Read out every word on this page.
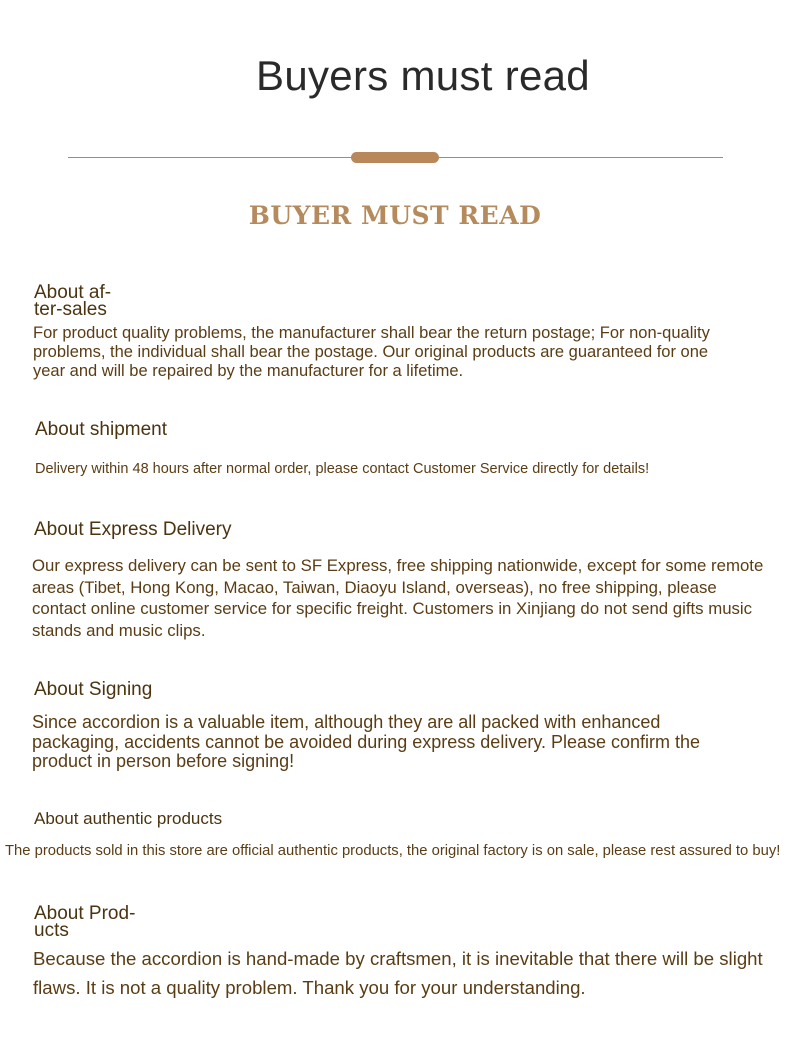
Buyers must read
BUYER MUST READ
About af-
ter-sales

For product quality problems, the manufacturer shall bear the return postage; For non-quality problems, the individual shall bear the postage. Our original products are guaranteed for one year and will be repaired by the manufacturer for a lifetime.

About shipment

Delivery within 48 hours after normal order, please contact Customer Service directly for details!

About Express Delivery

Our express delivery can be sent to SF Express, free shipping nationwide, except for some remote areas (Tibet, Hong Kong, Macao, Taiwan, Diaoyu Island, overseas), no free shipping, please contact online customer service for specific freight. Customers in Xinjiang do not send gifts music stands and music clips.

About Signing

Since accordion is a valuable item, although they are all packed with enhanced packaging, accidents cannot be avoided during express delivery. Please confirm the product in person before signing!

About authentic products

The products sold in this store are official authentic products, the original factory is on sale, please rest assured to buy!

About Prod-
ucts

Because the accordion is hand-made by craftsmen, it is inevitable that there will be slight flaws. It is not a quality problem. Thank you for your understanding.
